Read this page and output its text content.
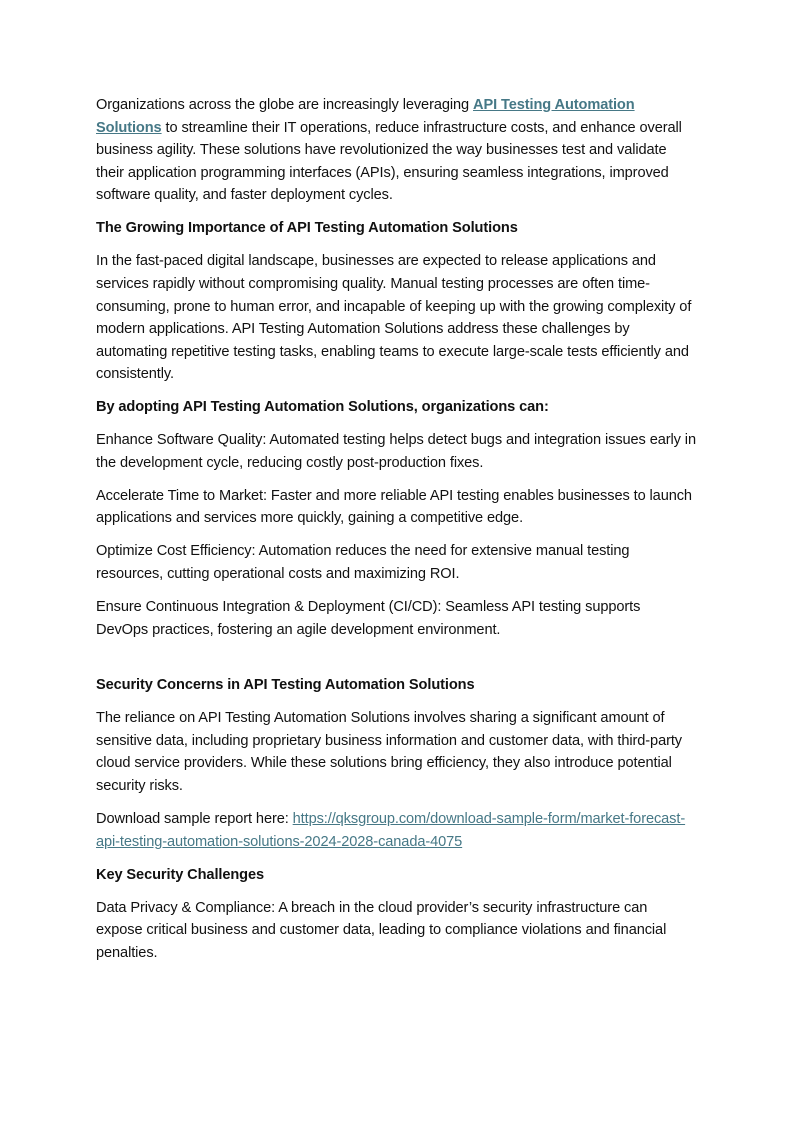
Organizations across the globe are increasingly leveraging API Testing Automation Solutions to streamline their IT operations, reduce infrastructure costs, and enhance overall business agility. These solutions have revolutionized the way businesses test and validate their application programming interfaces (APIs), ensuring seamless integrations, improved software quality, and faster deployment cycles.

The Growing Importance of API Testing Automation Solutions

In the fast-paced digital landscape, businesses are expected to release applications and services rapidly without compromising quality. Manual testing processes are often time-consuming, prone to human error, and incapable of keeping up with the growing complexity of modern applications. API Testing Automation Solutions address these challenges by automating repetitive testing tasks, enabling teams to execute large-scale tests efficiently and consistently.

By adopting API Testing Automation Solutions, organizations can:

Enhance Software Quality: Automated testing helps detect bugs and integration issues early in the development cycle, reducing costly post-production fixes.

Accelerate Time to Market: Faster and more reliable API testing enables businesses to launch applications and services more quickly, gaining a competitive edge.

Optimize Cost Efficiency: Automation reduces the need for extensive manual testing resources, cutting operational costs and maximizing ROI.

Ensure Continuous Integration & Deployment (CI/CD): Seamless API testing supports DevOps practices, fostering an agile development environment.

Security Concerns in API Testing Automation Solutions

The reliance on API Testing Automation Solutions involves sharing a significant amount of sensitive data, including proprietary business information and customer data, with third-party cloud service providers. While these solutions bring efficiency, they also introduce potential security risks.

Download sample report here: https://qksgroup.com/download-sample-form/market-forecast-api-testing-automation-solutions-2024-2028-canada-4075

Key Security Challenges

Data Privacy & Compliance: A breach in the cloud provider’s security infrastructure can expose critical business and customer data, leading to compliance violations and financial penalties.
